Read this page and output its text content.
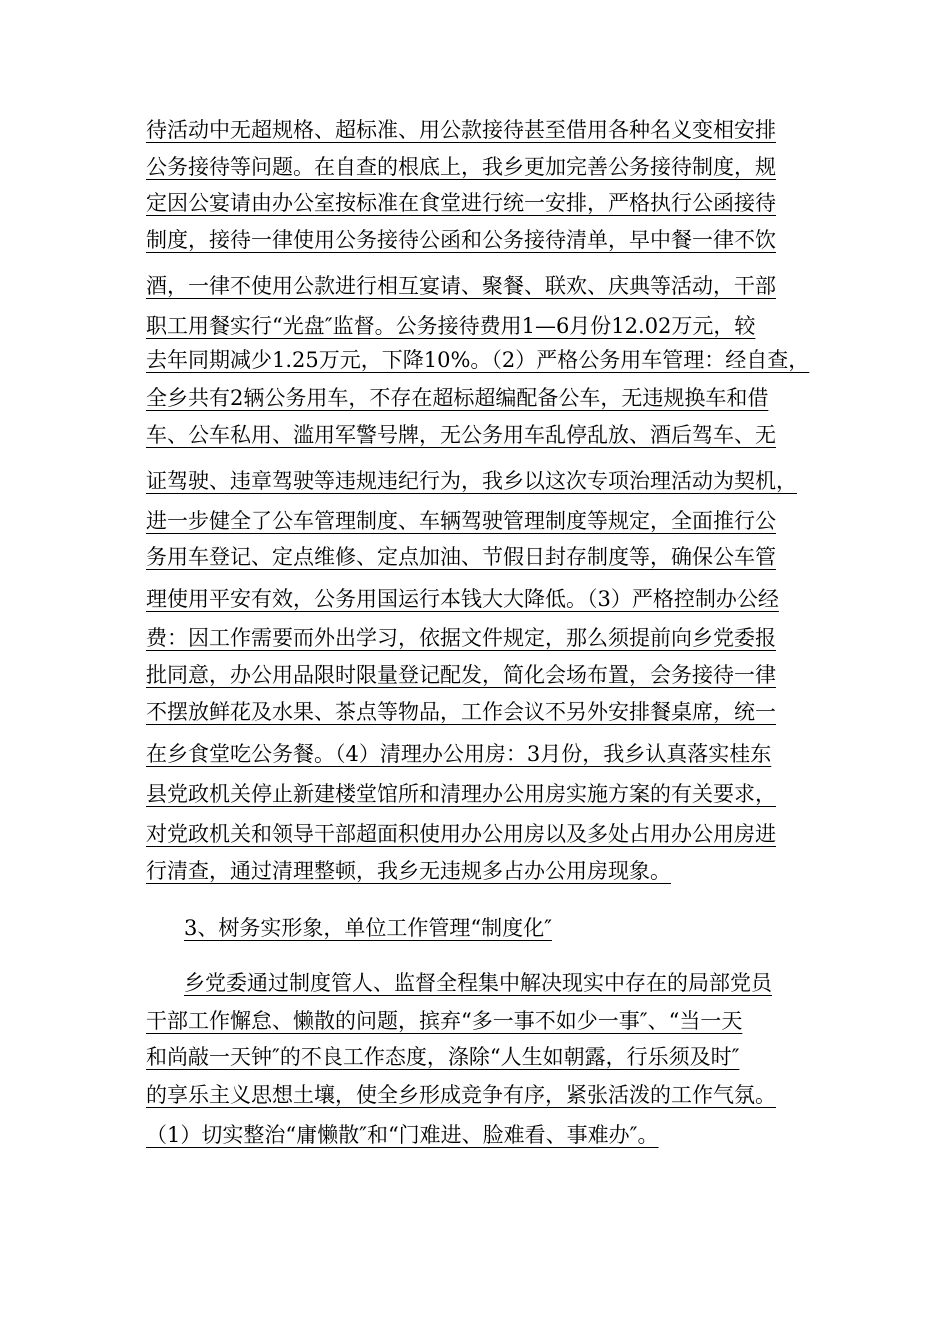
待活动中无超规格、超标准、用公款接待甚至借用各种名义变相安排
公务接待等问题。在自查的根底上，我乡更加完善公务接待制度，规
定因公宴请由办公室按标准在食堂进行统一安排，严格执行公函接待
制度，接待一律使用公务接待公函和公务接待清单，早中餐一律不饮
酒，一律不使用公款进行相互宴请、聚餐、联欢、庆典等活动，干部
职工用餐实行“光盘″监督。公务接待费用1—6月份12.02万元，较
去年同期减少1.25万元，下降10%。（2）严格公务用车管理：经自查，
全乡共有2辆公务用车，不存在超标超编配备公车，无违规换车和借
车、公车私用、滥用军警号牌，无公务用车乱停乱放、酒后驾车、无
证驾驶、违章驾驶等违规违纪行为，我乡以这次专项治理活动为契机，
进一步健全了公车管理制度、车辆驾驶管理制度等规定，全面推行公
务用车登记、定点维修、定点加油、节假日封存制度等，确保公车管
理使用平安有效，公务用国运行本钱大大降低。（3）严格控制办公经
费：因工作需要而外出学习，依据文件规定，那么须提前向乡党委报
批同意，办公用品限时限量登记配发，简化会场布置，会务接待一律
不摆放鲜花及水果、茶点等物品，工作会议不另外安排餐桌席，统一
在乡食堂吃公务餐。（4）清理办公用房：3月份，我乡认真落实桂东
县党政机关停止新建楼堂馆所和清理办公用房实施方案的有关要求，
对党政机关和领导干部超面积使用办公用房以及多处占用办公用房进
行清查，通过清理整顿，我乡无违规多占办公用房现象。
3、树务实形象，单位工作管理“制度化″
乡党委通过制度管人、监督全程集中解决现实中存在的局部党员
干部工作懈怠、懒散的问题，摈弃“多一事不如少一事″、“当一天
和尚敲一天钟″的不良工作态度，涤除“人生如朝露，行乐须及时″
的享乐主义思想土壤，使全乡形成竞争有序，紧张活泼的工作气氛。
（1）切实整治“庸懒散″和“门难进、脸难看、事难办″。
